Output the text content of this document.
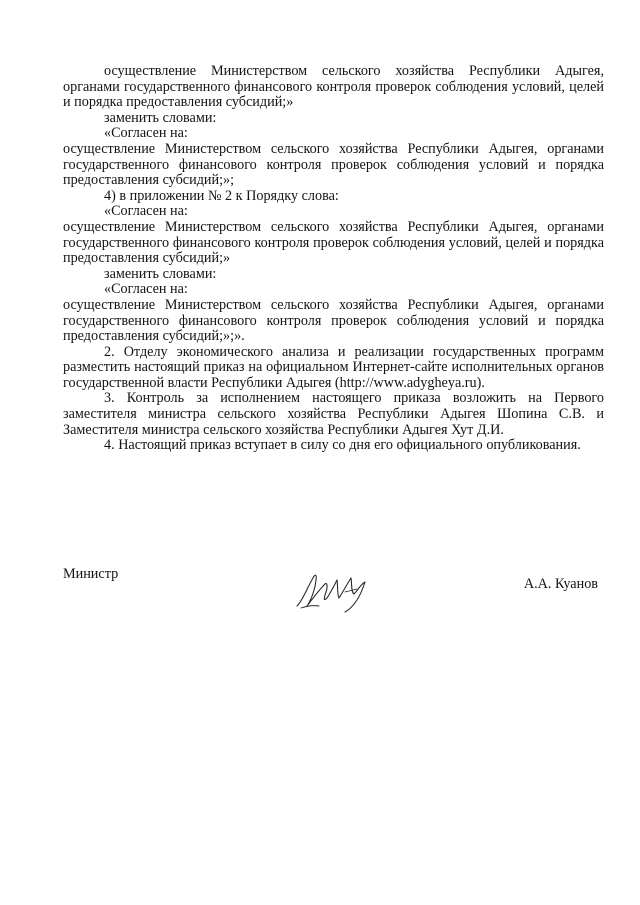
осуществление Министерством сельского хозяйства Республики Адыгея, органами государственного финансового контроля проверок соблюдения условий, целей и порядка предоставления субсидий;»

заменить словами:

«Согласен на:

осуществление Министерством сельского хозяйства Республики Адыгея, органами государственного финансового контроля проверок соблюдения условий и порядка предоставления субсидий;»;

4) в приложении № 2 к Порядку слова:

«Согласен на:

осуществление Министерством сельского хозяйства Республики Адыгея, органами государственного финансового контроля проверок соблюдения условий, целей и порядка предоставления субсидий;»

заменить словами:

«Согласен на:

осуществление Министерством сельского хозяйства Республики Адыгея, органами государственного финансового контроля проверок соблюдения условий и порядка предоставления субсидий;»;».

2. Отделу экономического анализа и реализации государственных программ разместить настоящий приказ на официальном Интернет-сайте исполнительных органов государственной власти Республики Адыгея (http://www.adygheya.ru).

3. Контроль за исполнением настоящего приказа возложить на Первого заместителя министра сельского хозяйства Республики Адыгея Шопина С.В. и Заместителя министра сельского хозяйства Республики Адыгея Хут Д.И.

4. Настоящий приказ вступает в силу со дня его официального опубликования.

Министр
А.А. Куанов
